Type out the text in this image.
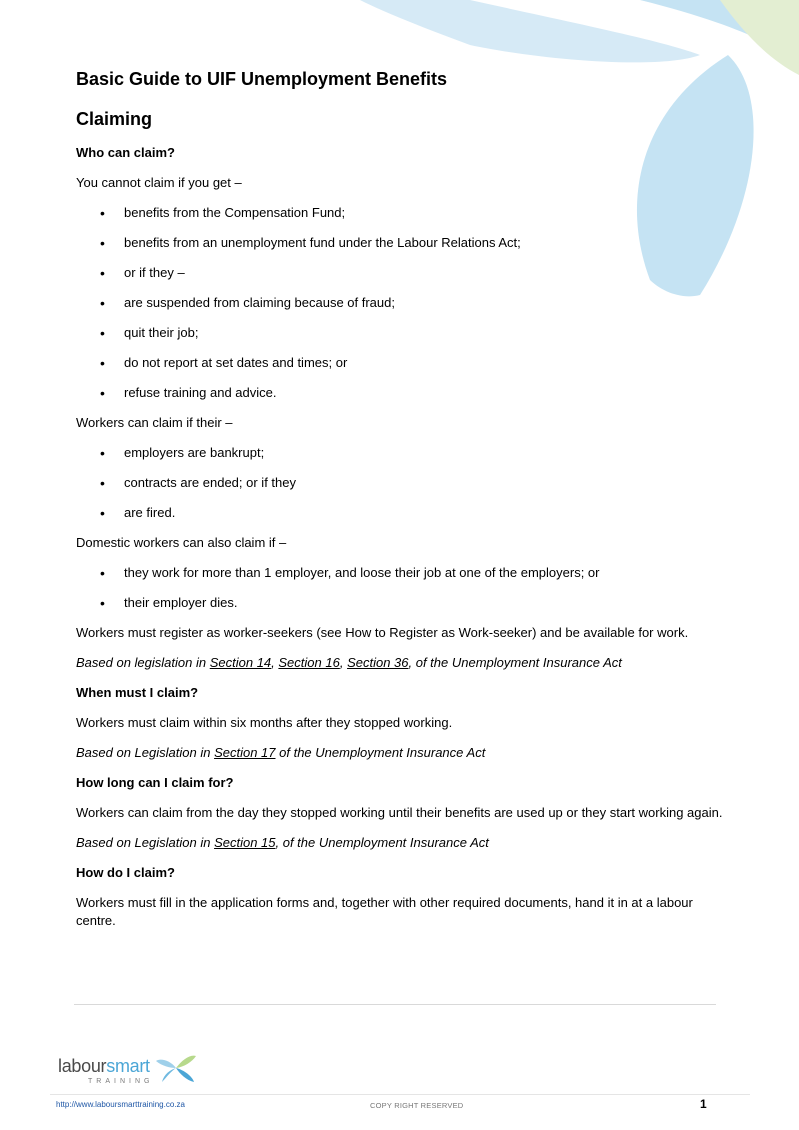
Basic Guide to UIF Unemployment Benefits
Claiming
Who can claim?
You cannot claim if you get –
• benefits from the Compensation Fund;
• benefits from an unemployment fund under the Labour Relations Act;
• or if they –
• are suspended from claiming because of fraud;
• quit their job;
• do not report at set dates and times; or
• refuse training and advice.
Workers can claim if their –
• employers are bankrupt;
• contracts are ended; or if they
• are fired.
Domestic workers can also claim if –
• they work for more than 1 employer, and loose their job at one of the employers; or
• their employer dies.
Workers must register as worker-seekers (see How to Register as Work-seeker) and be available for work.
Based on legislation in Section 14, Section 16, Section 36, of the Unemployment Insurance Act
When must I claim?
Workers must claim within six months after they stopped working.
Based on Legislation in Section 17 of the Unemployment Insurance Act
How long can I claim for?
Workers can claim from the day they stopped working until their benefits are used up or they start working again.
Based on Legislation in Section 15, of the Unemployment Insurance Act
How do I claim?
Workers must fill in the application forms and, together with other required documents, hand it in at a labour centre.
laboursmart
TRAINING
http://www.laboursmarttraining.co.za	COPY RIGHT RESERVED	1
